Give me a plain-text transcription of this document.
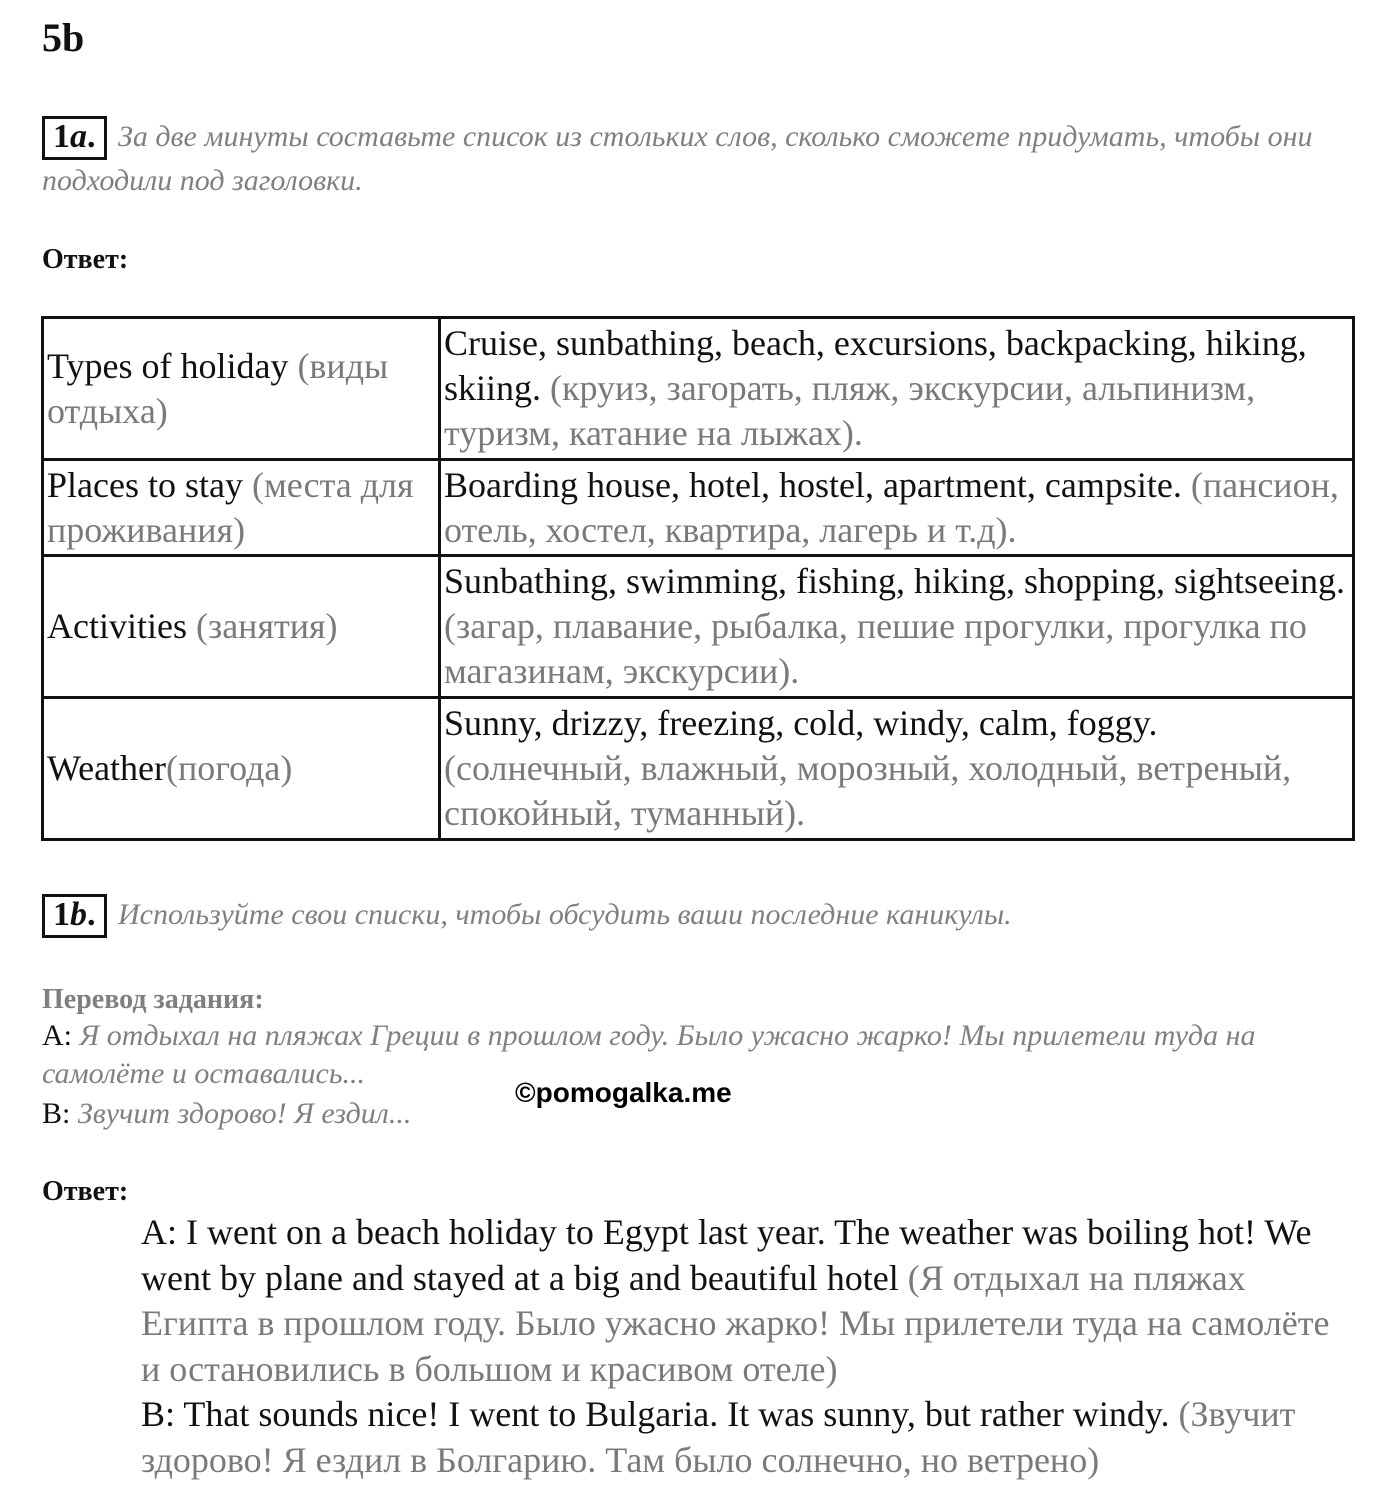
5b
1a. За две минуты составьте список из стольких слов, сколько сможете придумать, чтобы они подходили под заголовки.
Ответ:
Types of holiday (виды отдыха)	Cruise, sunbathing, beach, excursions, backpacking, hiking, skiing. (круиз, загорать, пляж, экскурсии, альпинизм, туризм, катание на лыжах).
Places to stay (места для проживания)	Boarding house, hotel, hostel, apartment, campsite. (пансион, отель, хостел, квартира, лагерь и т.д).
Activities (занятия)	Sunbathing, swimming, fishing, hiking, shopping, sightseeing. (загар, плавание, рыбалка, пешие прогулки, прогулка по магазинам, экскурсии).
Weather(погода)	Sunny, drizzy, freezing, cold, windy, calm, foggy. (солнечный, влажный, морозный, холодный, ветреный, спокойный, туманный).
1b. Используйте свои списки, чтобы обсудить ваши последние каникулы.
Перевод задания:
A: Я отдыхал на пляжах Греции в прошлом году. Было ужасно жарко! Мы прилетели туда на самолёте и оставались...
B: Звучит здорово! Я ездил...
©pomogalka.me
Ответ:
A: I went on a beach holiday to Egypt last year. The weather was boiling hot! We went by plane and stayed at a big and beautiful hotel (Я отдыхал на пляжах Египта в прошлом году. Было ужасно жарко! Мы прилетели туда на самолёте и остановились в большом и красивом отеле)
B: That sounds nice! I went to Bulgaria. It was sunny, but rather windy. (Звучит здорово! Я ездил в Болгарию. Там было солнечно, но ветрено)
